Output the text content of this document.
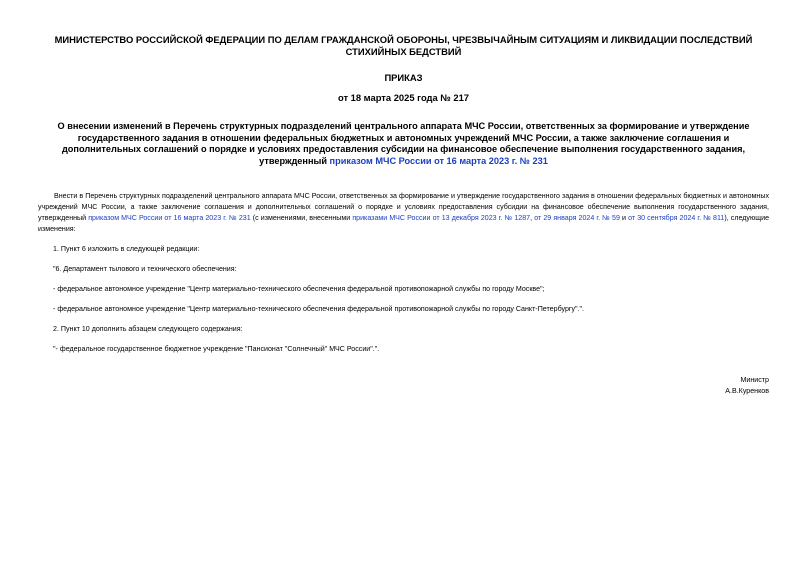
МИНИСТЕРСТВО РОССИЙСКОЙ ФЕДЕРАЦИИ ПО ДЕЛАМ ГРАЖДАНСКОЙ ОБОРОНЫ, ЧРЕЗВЫЧАЙНЫМ СИТУАЦИЯМ И ЛИКВИДАЦИИ ПОСЛЕДСТВИЙ СТИХИЙНЫХ БЕДСТВИЙ
ПРИКАЗ
от 18 марта 2025 года № 217
О внесении изменений в Перечень структурных подразделений центрального аппарата МЧС России, ответственных за формирование и утверждение государственного задания в отношении федеральных бюджетных и автономных учреждений МЧС России, а также заключение соглашения и дополнительных соглашений о порядке и условиях предоставления субсидии на финансовое обеспечение выполнения государственного задания, утвержденный приказом МЧС России от 16 марта 2023 г. № 231

Внести в Перечень структурных подразделений центрального аппарата МЧС России, ответственных за формирование и утверждение государственного задания в отношении федеральных бюджетных и автономных учреждений МЧС России, а также заключение соглашения и дополнительных соглашений о порядке и условиях предоставления субсидии на финансовое обеспечение выполнения государственного задания, утвержденный приказом МЧС России от 16 марта 2023 г. № 231 (с изменениями, внесенными приказами МЧС России от 13 декабря 2023 г. № 1287, от 29 января 2024 г. № 59 и от 30 сентября 2024 г. № 811), следующие изменения:

1. Пункт 6 изложить в следующей редакции:

"6. Департамент тылового и технического обеспечения:

- федеральное автономное учреждение "Центр материально-технического обеспечения федеральной противопожарной службы по городу Москве";

- федеральное автономное учреждение "Центр материально-технического обеспечения федеральной противопожарной службы по городу Санкт-Петербургу".".

2. Пункт 10 дополнить абзацем следующего содержания:

"- федеральное государственное бюджетное учреждение "Пансионат "Солнечный" МЧС России".".

Министр
А.В.Куренков
